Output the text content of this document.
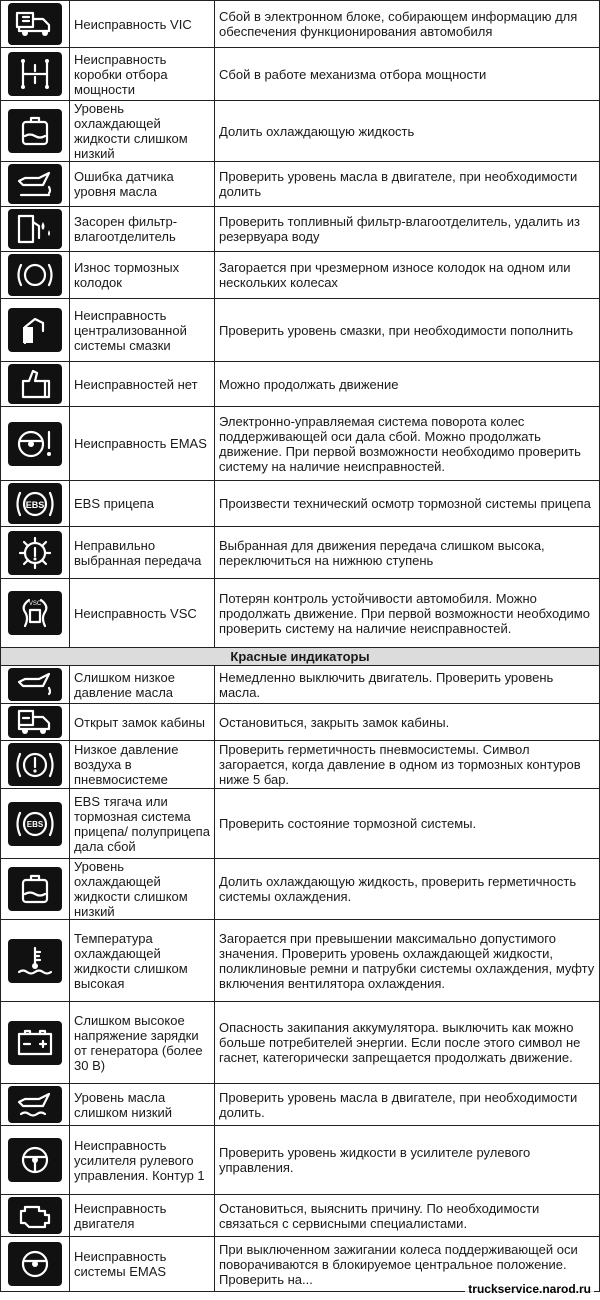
	Неисправность VIC	Сбой в электронном блоке, собирающем информацию для обеспечения функционирования автомобиля

	Неисправность коробки отбора мощности	Сбой в работе механизма отбора мощности

	Уровень охлаждающей жидкости слишком низкий	Долить охлаждающую жидкость

	Ошибка датчика уровня масла	Проверить уровень масла в двигателе, при необходимости долить

	Засорен фильтр-влагоотделитель	Проверить топливный фильтр-влагоотделитель, удалить из резервуара воду

	Износ тормозных колодок	Загорается при чрезмерном износе колодок на одном или нескольких колесах

	Неисправность централизованной системы смазки	Проверить уровень смазки, при необходимости пополнить

	Неисправностей нет	Можно продолжать движение

	Неисправность EMAS	Электронно-управляемая система поворота колес поддерживающей оси дала сбой. Можно продолжать движение. При первой возможности необходимо проверить систему на наличие неисправностей.

EBS	EBS прицепа	Произвести технический осмотр тормозной системы прицепа

	Неправильно выбранная передача	Выбранная для движения передача слишком высока, переключиться на нижнюю ступень

VSC	Неисправность VSC	Потерян контроль устойчивости автомобиля. Можно продолжать движение. При первой возможности необходимо проверить систему на наличие неисправностей.
Красные индикаторы		

	Слишком низкое давление масла	Немедленно выключить двигатель. Проверить уровень масла.

	Открыт замок кабины	Остановиться, закрыть замок кабины.

	Низкое давление воздуха в пневмосистеме	Проверить герметичность пневмосистемы. Символ загорается, когда давление в одном из тормозных контуров ниже 5 бар.

EBS	EBS тягача или тормозная система прицепа/ полуприцепа дала сбой	Проверить состояние тормозной системы.

	Уровень охлаждающей жидкости слишком низкий	Долить охлаждающую жидкость, проверить герметичность системы охлаждения.

	Температура охлаждающей жидкости слишком высокая	Загорается при превышении максимально допустимого значения. Проверить уровень охлаждающей жидкости, поликлиновые ремни и патрубки системы охлаждения, муфту включения вентилятора охлаждения.

	Слишком высокое напряжение зарядки от генератора (более 30 В)	Опасность закипания аккумулятора. выключить как можно больше потребителей энергии. Если после этого символ не гаснет, категорически запрещается продолжать движение.

	Уровень масла слишком низкий	Проверить уровень масла в двигателе, при необходимости долить.

	Неисправность усилителя рулевого управления. Контур 1	Проверить уровень жидкости в усилителе рулевого управления.

	Неисправность двигателя	Остановиться, выяснить причину. По необходимости связаться с сервисными специалистами.

	Неисправность системы EMAS	При выключенном зажигании колеса поддерживающей оси поворачиваются в блокируемое центральное положение. Проверить на...
truckservice.narod.ru
